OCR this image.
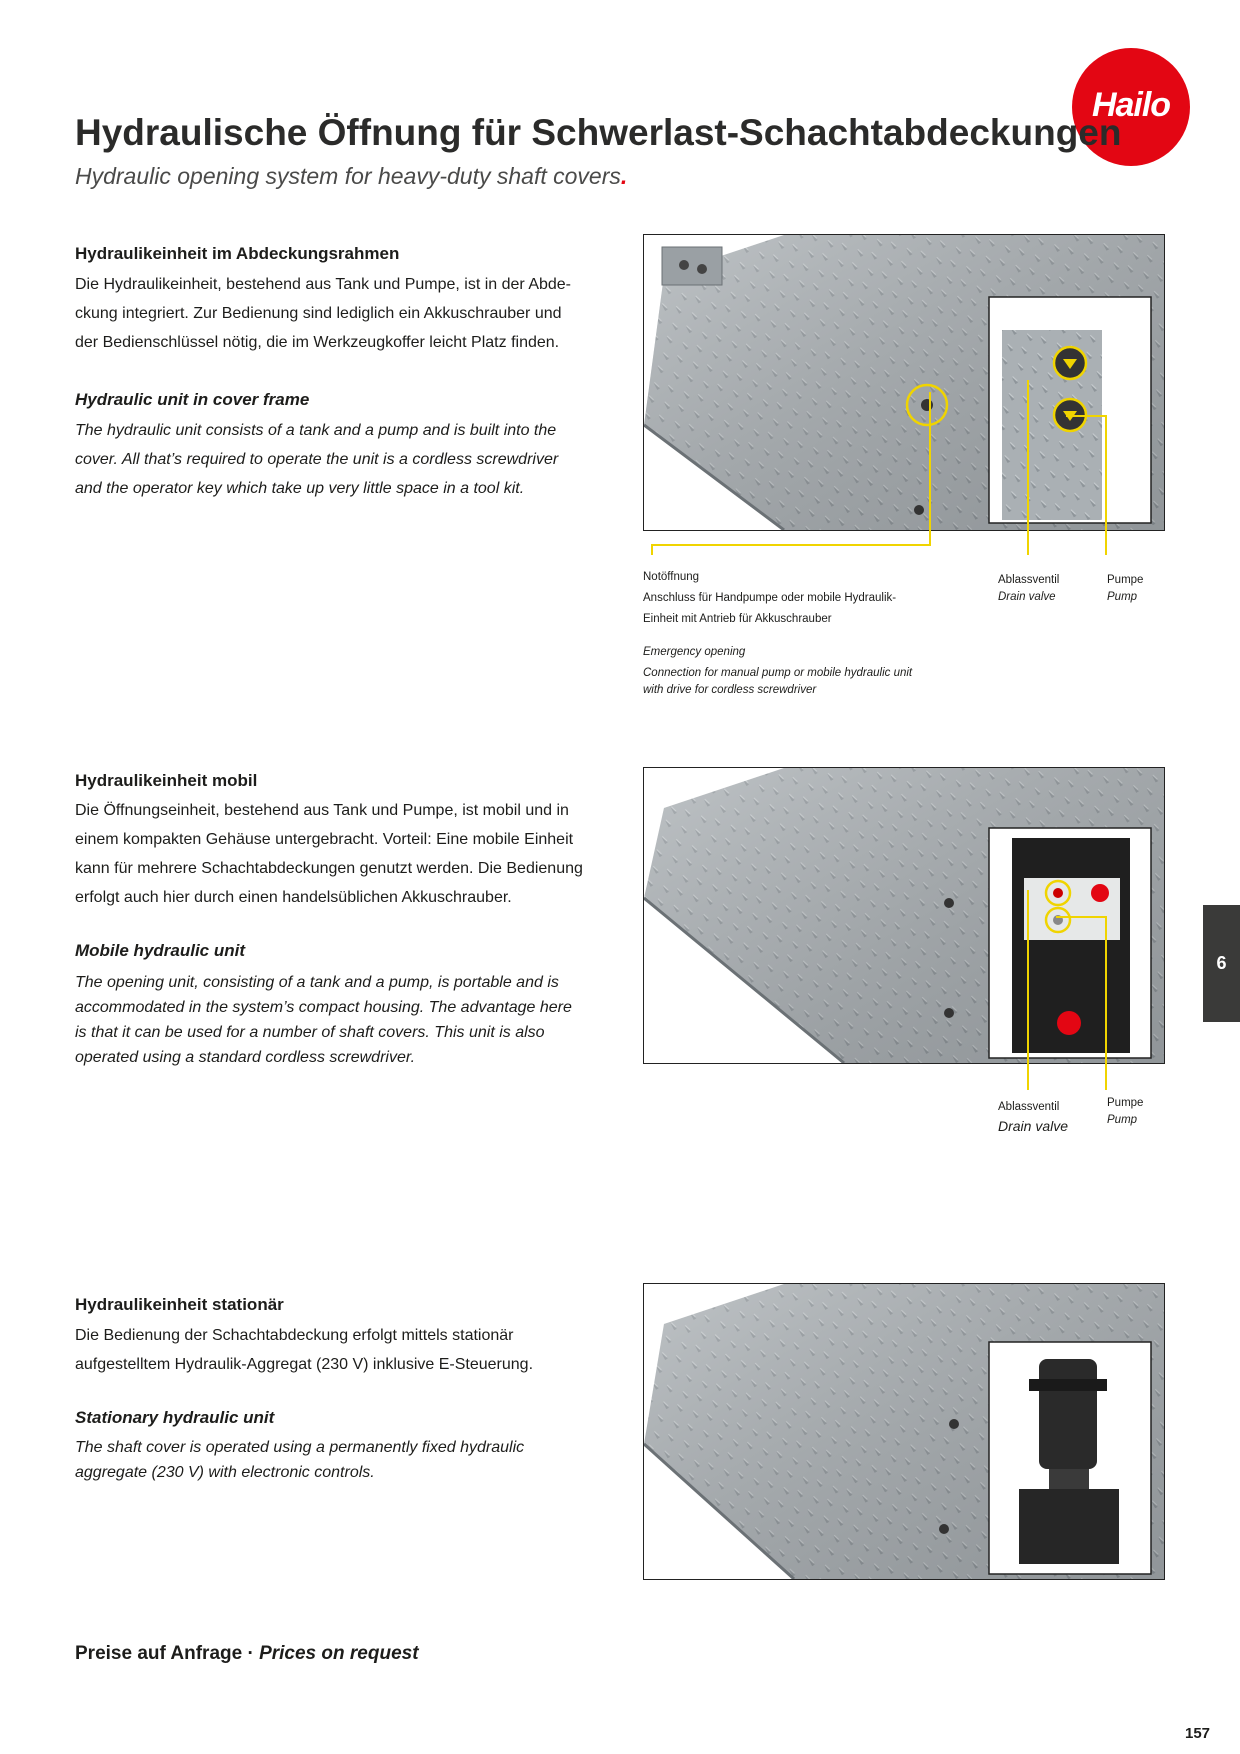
Hailo
Hydraulische Öffnung für Schwerlast-Schachtabdeckungen.
Hydraulic opening system for heavy-duty shaft covers.
Hydraulikeinheit im Abdeckungsrahmen
Die Hydraulikeinheit, bestehend aus Tank und Pumpe, ist in der Abde-
ckung integriert. Zur Bedienung sind lediglich ein Akkuschrauber und
der Bedienschlüssel nötig, die im Werkzeugkoffer leicht Platz finden.
Hydraulic unit in cover frame
The hydraulic unit consists of a tank and a pump and is built into the
cover. All that’s required to operate the unit is a cordless screwdriver
and the operator key which take up very little space in a tool kit.
Notöffnung
Anschluss für Handpumpe oder mobile Hydraulik-
Einheit mit Antrieb für Akkuschrauber
Emergency opening
Connection for manual pump or mobile hydraulic unit
with drive for cordless screwdriver
Ablassventil
Drain valve
Pumpe
Pump
Hydraulikeinheit mobil
Die Öffnungseinheit, bestehend aus Tank und Pumpe, ist mobil und in
einem kompakten Gehäuse untergebracht. Vorteil: Eine mobile Einheit
kann für mehrere Schachtabdeckungen genutzt werden. Die Bedienung
erfolgt auch hier durch einen handelsüblichen Akkuschrauber.
Mobile hydraulic unit
The opening unit, consisting of a tank and a pump, is portable and is
accommodated in the system’s compact housing. The advantage here
is that it can be used for a number of shaft covers. This unit is also
operated using a standard cordless screwdriver.
Ablassventil
Drain valve
Pumpe
Pump
6
Hydraulikeinheit stationär
Die Bedienung der Schachtabdeckung erfolgt mittels stationär
aufgestelltem Hydraulik-Aggregat (230 V) inklusive E-Steuerung.
Stationary hydraulic unit
The shaft cover is operated using a permanently fixed hydraulic
aggregate (230 V) with electronic controls.
Preise auf Anfrage · Prices on request
157
